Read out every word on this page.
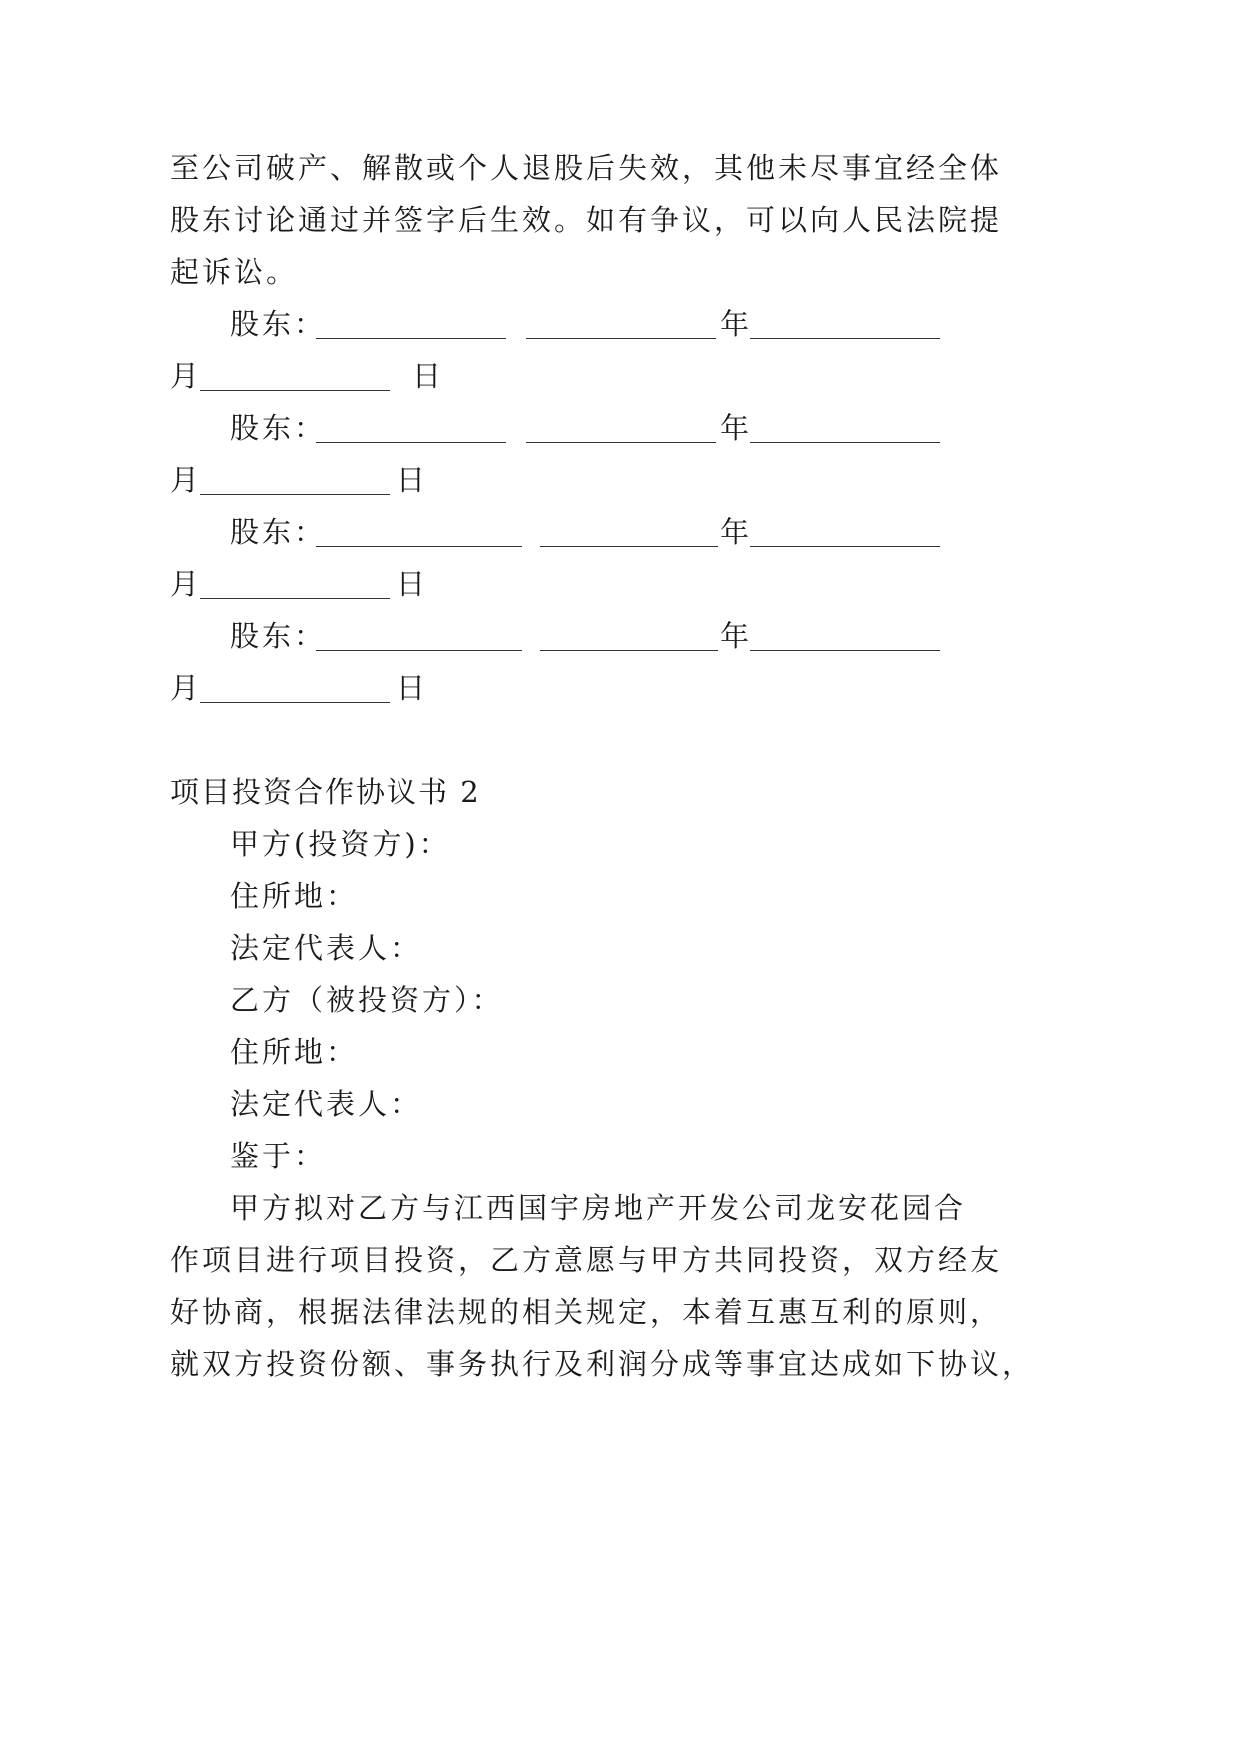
至公司破产、解散或个人退股后失效，其他未尽事宜经全体

股东讨论通过并签字后生效。如有争议，可以向人民法院提

起诉讼。

股东：

	年

月

	日

股东：

	年

月

	日

股东：

	年

月

	日

股东：

	年

月

	日

项目投资合作协议书 2

甲方(投资方)：

住所地：

法定代表人：

乙方（被投资方）：

住所地：

法定代表人：

鉴于：

甲方拟对乙方与江西国宇房地产开发公司龙安花园合

作项目进行项目投资，乙方意愿与甲方共同投资，双方经友

好协商，根据法律法规的相关规定，本着互惠互利的原则，

就双方投资份额、事务执行及利润分成等事宜达成如下协议，
